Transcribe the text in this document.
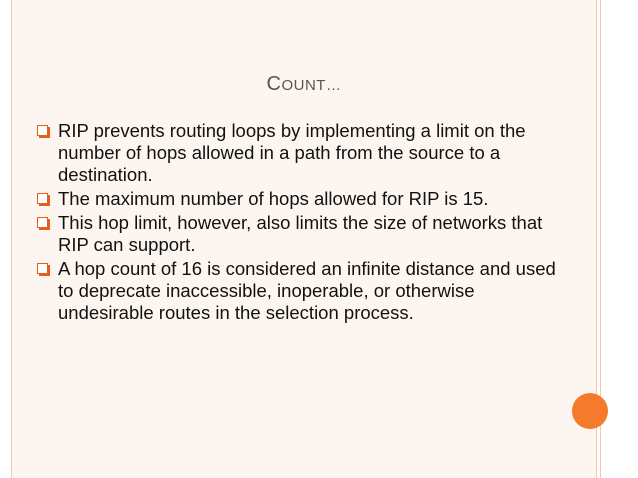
COUNT…
RIP prevents routing loops by implementing a limit on the number of hops allowed in a path from the source to a destination.
The maximum number of hops allowed for RIP is 15.
This hop limit, however, also limits the size of networks that RIP can support.
A hop count of 16 is considered an infinite distance and used to deprecate inaccessible, inoperable, or otherwise undesirable routes in the selection process.
